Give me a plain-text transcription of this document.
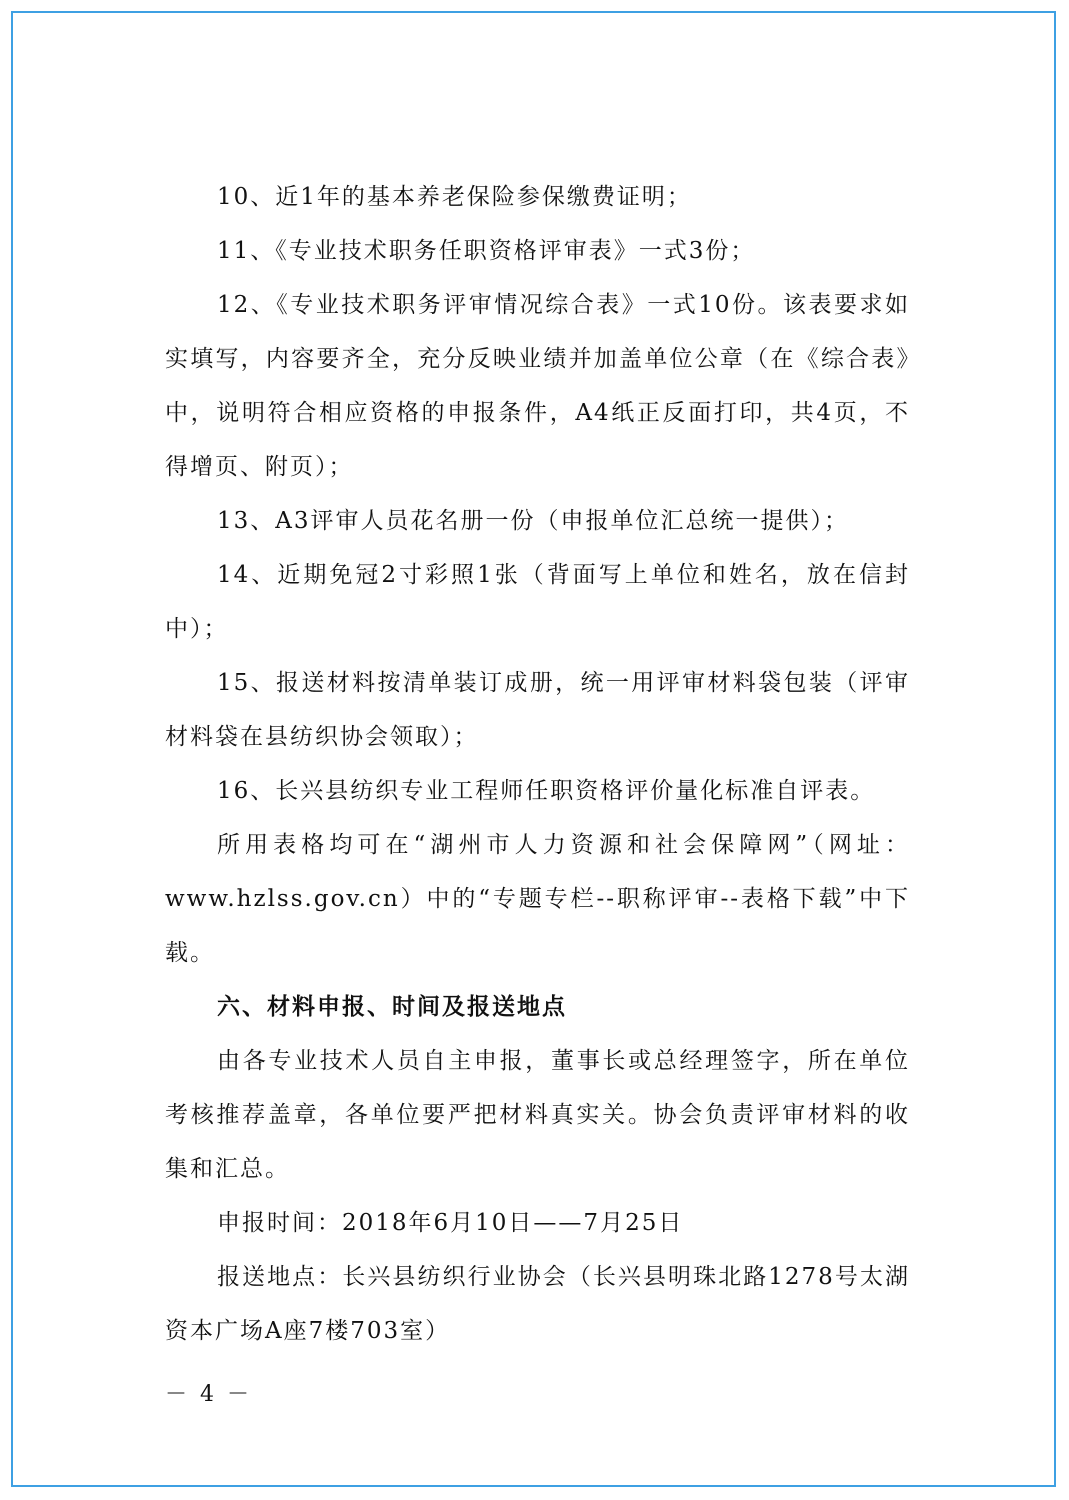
10、近1年的基本养老保险参保缴费证明；

11、《专业技术职务任职资格评审表》一式3份；

12、《专业技术职务评审情况综合表》一式10份。该表要求如实填写，内容要齐全，充分反映业绩并加盖单位公章（在《综合表》中，说明符合相应资格的申报条件，A4纸正反面打印，共4页，不得增页、附页）；

13、A3评审人员花名册一份（申报单位汇总统一提供）；

14、近期免冠2寸彩照1张（背面写上单位和姓名，放在信封中）；

15、报送材料按清单装订成册，统一用评审材料袋包装（评审材料袋在县纺织协会领取）；

16、长兴县纺织专业工程师任职资格评价量化标准自评表。

所用表格均可在“湖州市人力资源和社会保障网”（网址：www.hzlss.gov.cn）中的“专题专栏--职称评审--表格下载”中下载。

六、材料申报、时间及报送地点

由各专业技术人员自主申报，董事长或总经理签字，所在单位考核推荐盖章，各单位要严把材料真实关。协会负责评审材料的收集和汇总。

申报时间：2018年6月10日——7月25日

报送地点：长兴县纺织行业协会（长兴县明珠北路1278号太湖资本广场A座7楼703室）

－ 4 －
